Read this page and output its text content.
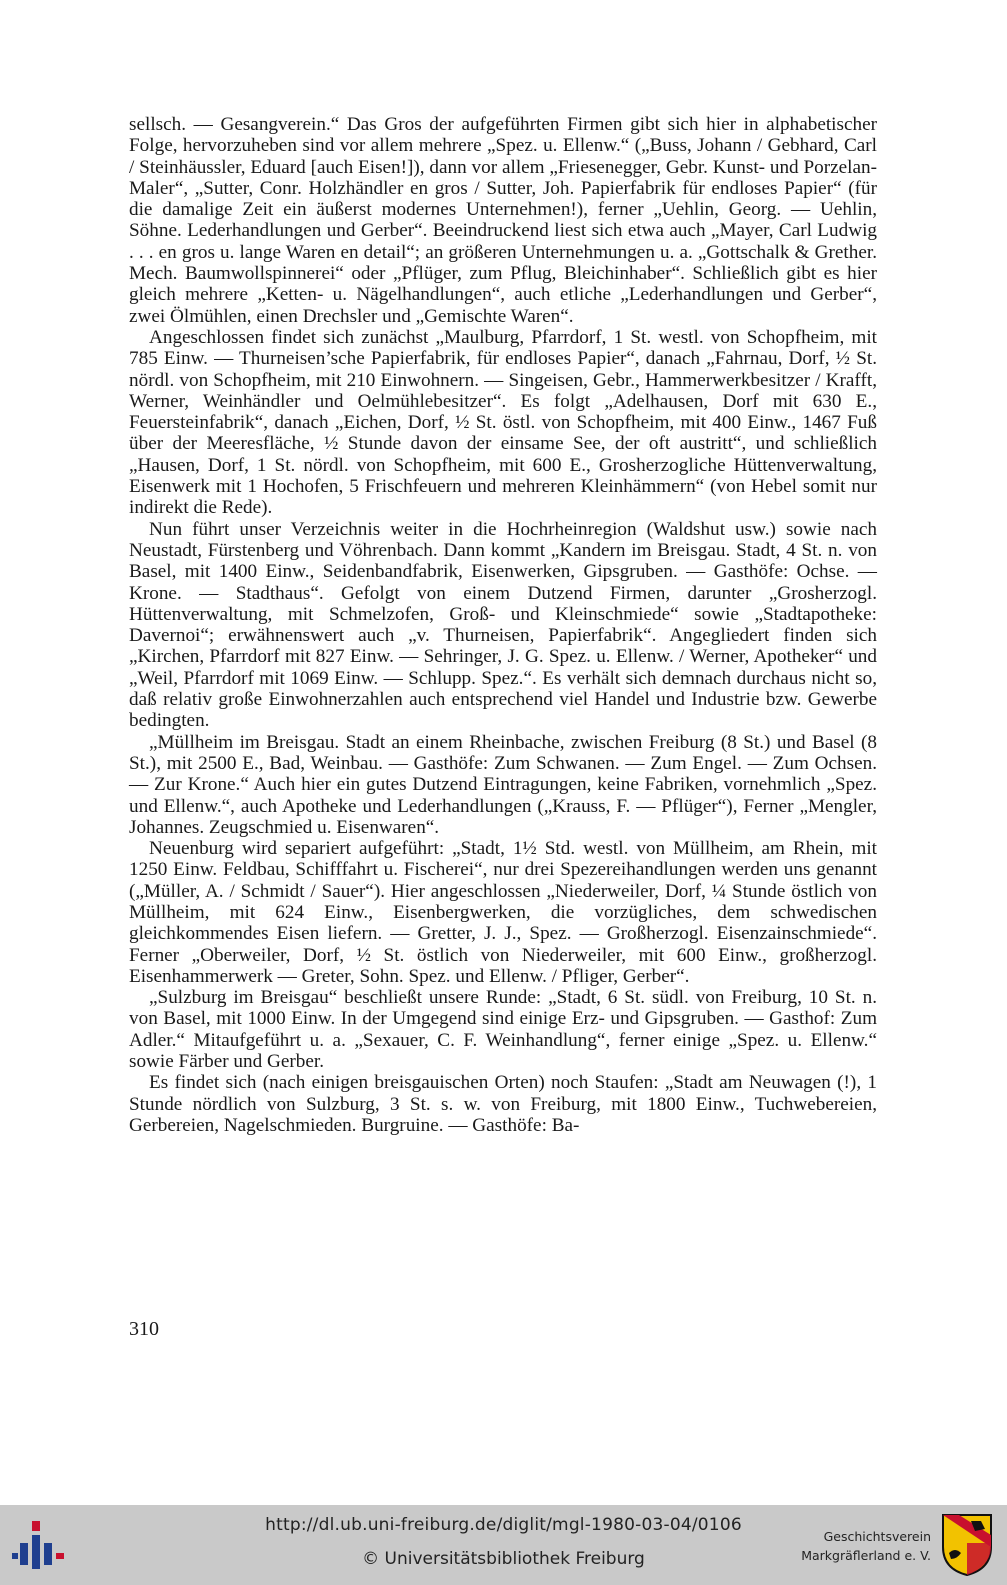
sellsch. — Gesangverein.“ Das Gros der aufgeführten Firmen gibt sich hier in alphabetischer Folge, hervorzuheben sind vor allem mehrere „Spez. u. Ellenw.“ („Buss, Johann / Gebhard, Carl / Steinhäussler, Eduard [auch Eisen!]), dann vor allem „Friesenegger, Gebr. Kunst- und Porzelan-Maler“, „Sutter, Conr. Holzhändler en gros / Sutter, Joh. Papierfabrik für endloses Papier“ (für die damalige Zeit ein äußerst modernes Unternehmen!), ferner „Uehlin, Georg. — Uehlin, Söhne. Lederhandlungen und Gerber“. Beeindruckend liest sich etwa auch „Mayer, Carl Ludwig . . . en gros u. lange Waren en detail“; an größeren Unternehmungen u. a. „Gottschalk & Grether. Mech. Baumwollspinnerei“ oder „Pflüger, zum Pflug, Bleichinhaber“. Schließlich gibt es hier gleich mehrere „Ketten- u. Nägelhandlungen“, auch etliche „Lederhandlungen und Gerber“, zwei Ölmühlen, einen Drechsler und „Gemischte Waren“.

Angeschlossen findet sich zunächst „Maulburg, Pfarrdorf, 1 St. westl. von Schopfheim, mit 785 Einw. — Thurneisen’sche Papierfabrik, für endloses Papier“, danach „Fahrnau, Dorf, ½ St. nördl. von Schopfheim, mit 210 Einwohnern. — Singeisen, Gebr., Hammerwerkbesitzer / Krafft, Werner, Weinhändler und Oelmühlebesitzer“. Es folgt „Adelhausen, Dorf mit 630 E., Feuersteinfabrik“, danach „Eichen, Dorf, ½ St. östl. von Schopfheim, mit 400 Einw., 1467 Fuß über der Meeresfläche, ½ Stunde davon der einsame See, der oft austritt“, und schließlich „Hausen, Dorf, 1 St. nördl. von Schopfheim, mit 600 E., Grosherzogliche Hüttenverwaltung, Eisenwerk mit 1 Hochofen, 5 Frischfeuern und mehreren Kleinhämmern“ (von Hebel somit nur indirekt die Rede).

Nun führt unser Verzeichnis weiter in die Hochrheinregion (Waldshut usw.) sowie nach Neustadt, Fürstenberg und Vöhrenbach. Dann kommt „Kandern im Breisgau. Stadt, 4 St. n. von Basel, mit 1400 Einw., Seidenbandfabrik, Eisenwerken, Gipsgruben. — Gasthöfe: Ochse. — Krone. — Stadthaus“. Gefolgt von einem Dutzend Firmen, darunter „Grosherzogl. Hüttenverwaltung, mit Schmelzofen, Groß- und Kleinschmiede“ sowie „Stadtapotheke: Davernoi“; erwähnenswert auch „v. Thurneisen, Papierfabrik“. Angegliedert finden sich „Kirchen, Pfarrdorf mit 827 Einw. — Sehringer, J. G. Spez. u. Ellenw. / Werner, Apotheker“ und „Weil, Pfarrdorf mit 1069 Einw. — Schlupp. Spez.“. Es verhält sich demnach durchaus nicht so, daß relativ große Einwohnerzahlen auch entsprechend viel Handel und Industrie bzw. Gewerbe bedingten.

„Müllheim im Breisgau. Stadt an einem Rheinbache, zwischen Freiburg (8 St.) und Basel (8 St.), mit 2500 E., Bad, Weinbau. — Gasthöfe: Zum Schwanen. — Zum Engel. — Zum Ochsen. — Zur Krone.“ Auch hier ein gutes Dutzend Eintragungen, keine Fabriken, vornehmlich „Spez. und Ellenw.“, auch Apotheke und Lederhandlungen („Krauss, F. — Pflüger“), Ferner „Mengler, Johannes. Zeugschmied u. Eisenwaren“.

Neuenburg wird separiert aufgeführt: „Stadt, 1½ Std. westl. von Müllheim, am Rhein, mit 1250 Einw. Feldbau, Schifffahrt u. Fischerei“, nur drei Spezereihandlungen werden uns genannt („Müller, A. / Schmidt / Sauer“). Hier angeschlossen „Niederweiler, Dorf, ¼ Stunde östlich von Müllheim, mit 624 Einw., Eisenbergwerken, die vorzügliches, dem schwedischen gleichkommendes Eisen liefern. — Gretter, J. J., Spez. — Großherzogl. Eisenzainschmiede“. Ferner „Oberweiler, Dorf, ½ St. östlich von Niederweiler, mit 600 Einw., großherzogl. Eisenhammerwerk — Greter, Sohn. Spez. und Ellenw. / Pfliger, Gerber“.

„Sulzburg im Breisgau“ beschließt unsere Runde: „Stadt, 6 St. südl. von Freiburg, 10 St. n. von Basel, mit 1000 Einw. In der Umgegend sind einige Erz- und Gipsgruben. — Gasthof: Zum Adler.“ Mitaufgeführt u. a. „Sexauer, C. F. Weinhandlung“, ferner einige „Spez. u. Ellenw.“ sowie Färber und Gerber.

Es findet sich (nach einigen breisgauischen Orten) noch Staufen: „Stadt am Neuwagen (!), 1 Stunde nördlich von Sulzburg, 3 St. s. w. von Freiburg, mit 1800 Einw., Tuchwebereien, Gerbereien, Nagelschmieden. Burgruine. — Gasthöfe: Ba-

310
http://dl.ub.uni-freiburg.de/diglit/mgl-1980-03-04/0106
© Universitätsbibliothek Freiburg
Geschichtsverein
Markgräflerland e. V.
